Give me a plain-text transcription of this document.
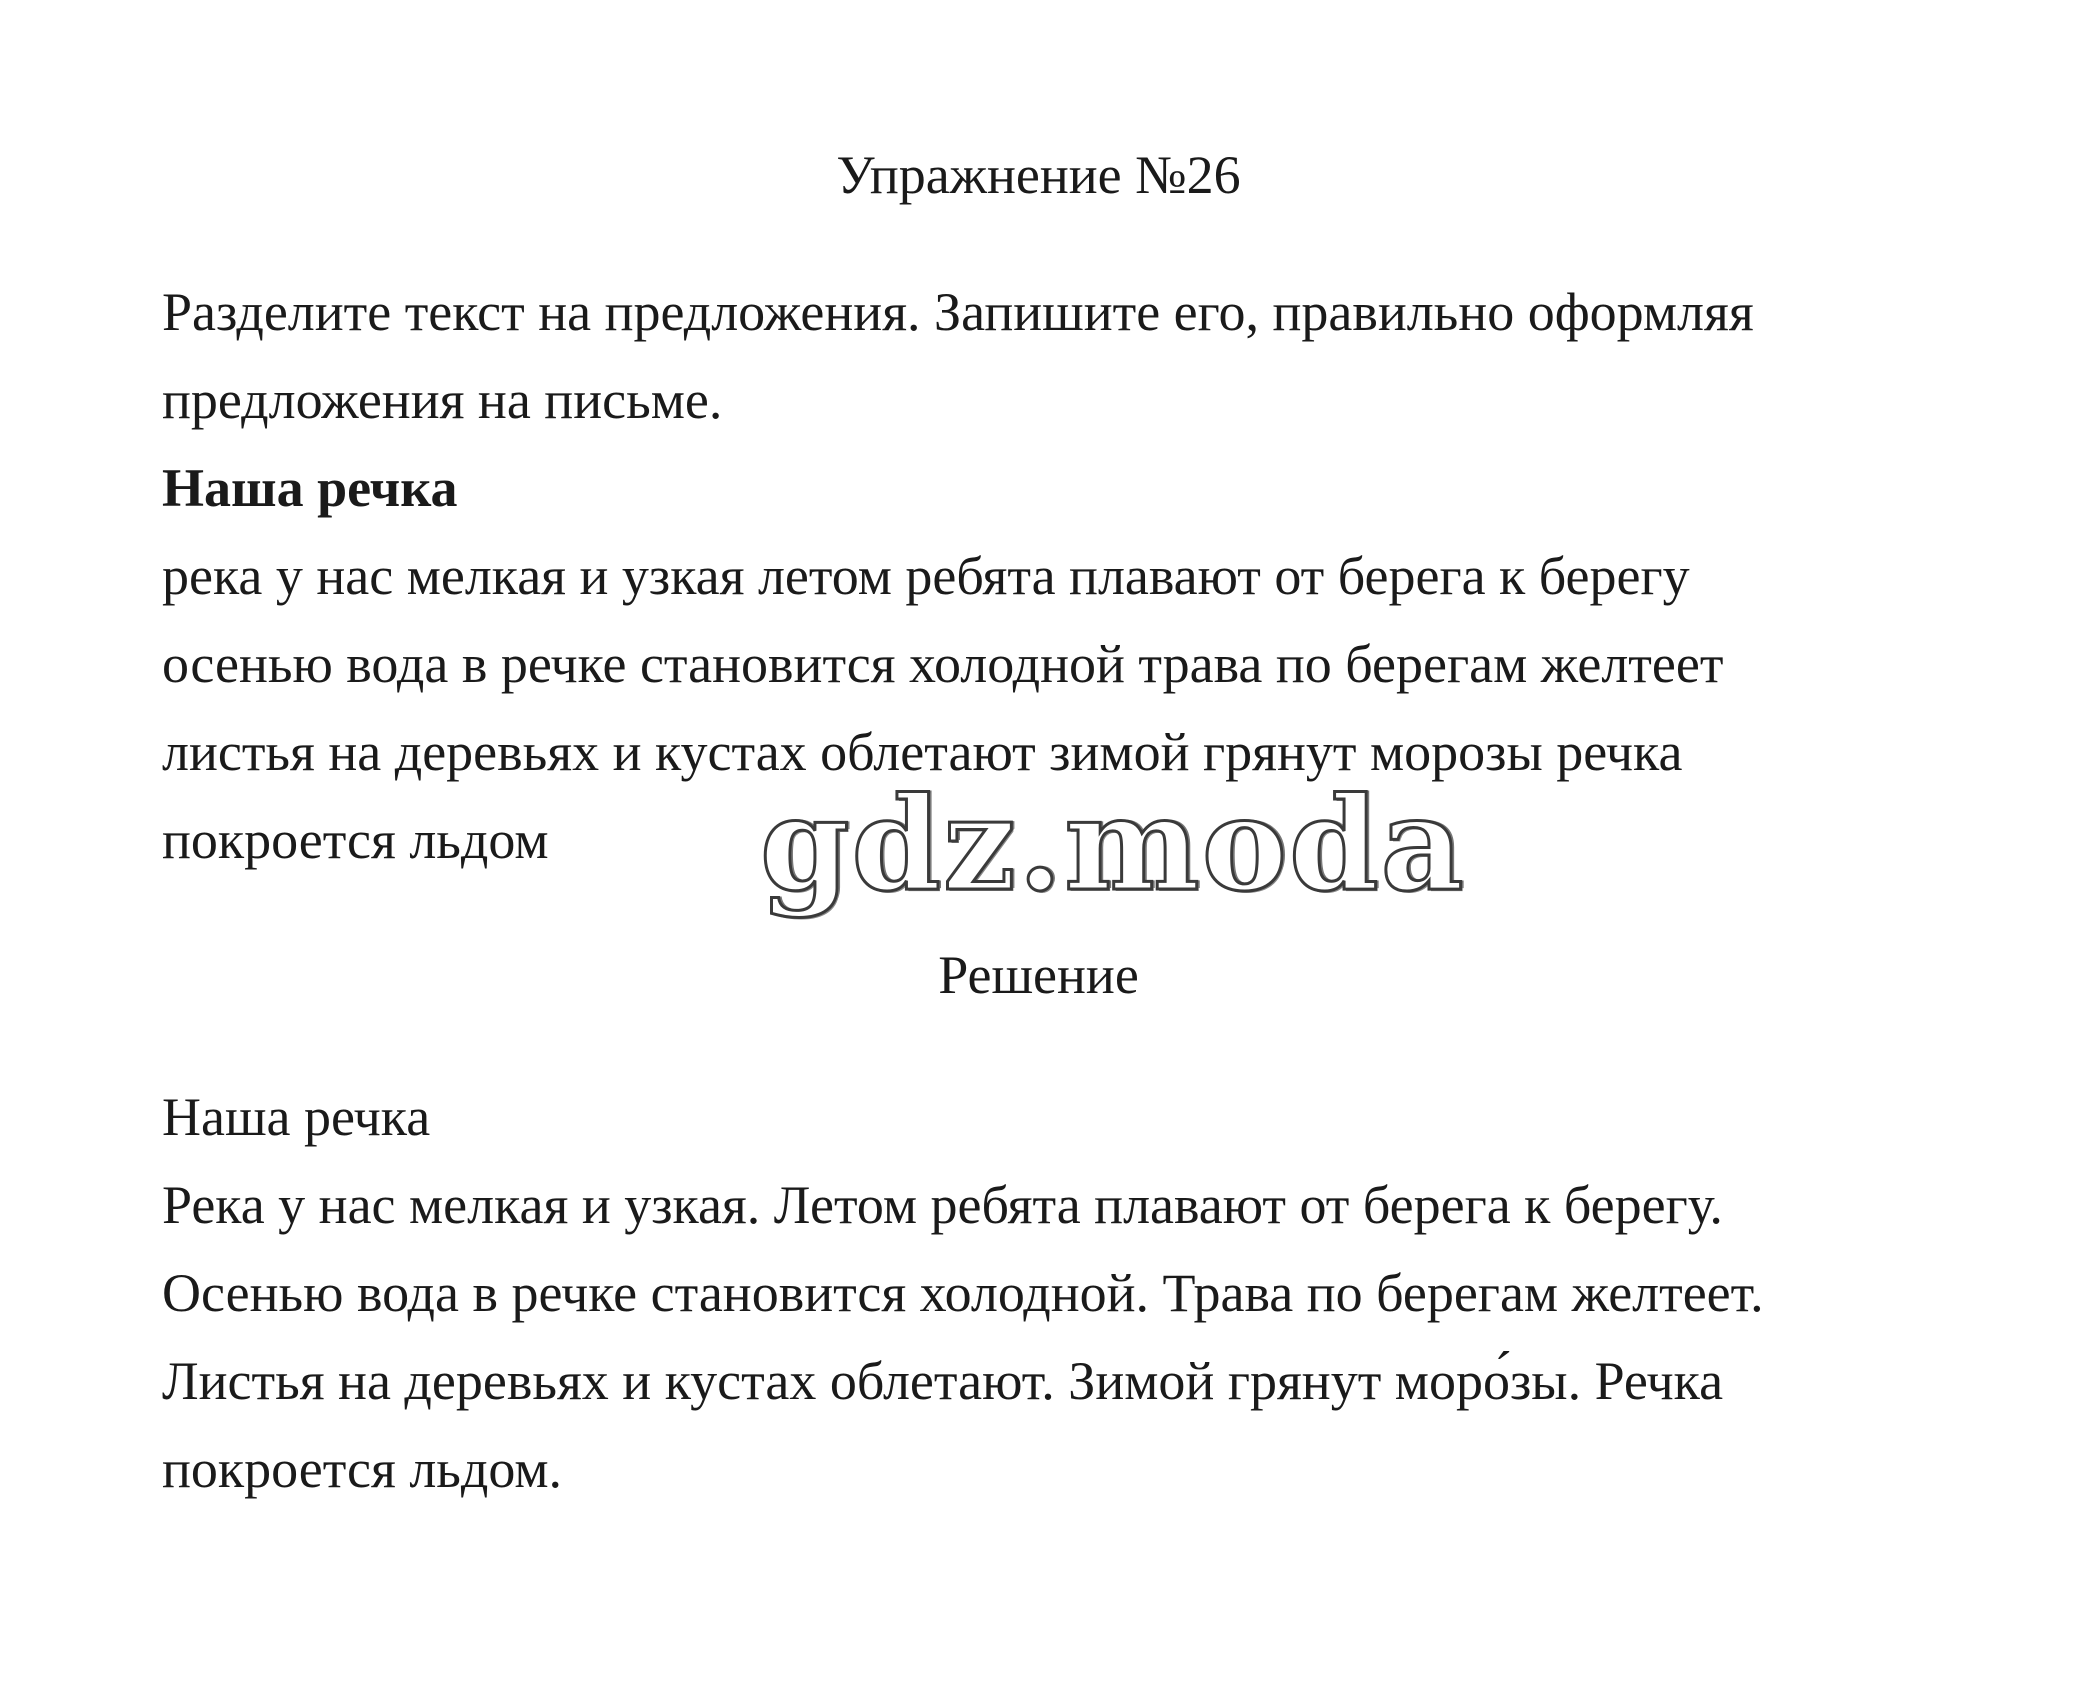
Упражнение №26
Разделите текст на предложения. Запишите его, правильно оформляя
предложения на письме.
Наша речка
река у нас мелкая и узкая летом ребята плавают от берега к берегу
осенью вода в речке становится холодной трава по берегам желтеет
листья на деревьях и кустах облетают зимой грянут морозы речка
покроется льдом	gdz.moda
Решение
Наша речка
Река у нас мелкая и узкая. Летом ребята плавают от берега к берегу.
Осенью вода в речке становится холодной. Трава по берегам желтеет.
Листья на деревьях и кустах облетают. Зимой грянут моро́зы. Речка
покроется льдом.
